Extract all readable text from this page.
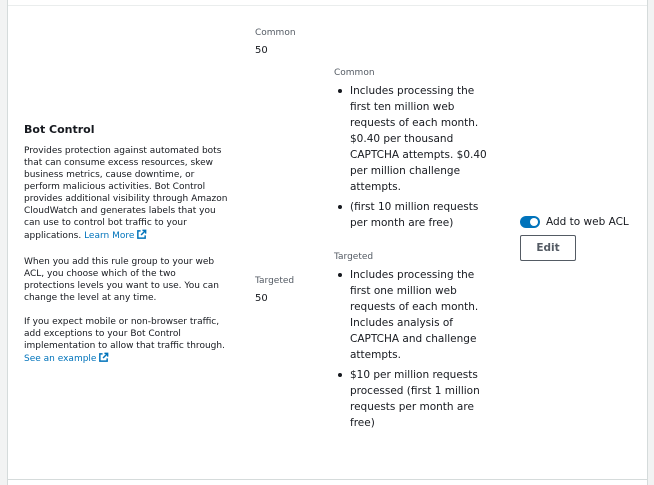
Bot Control

Provides protection against automated bots that can consume excess resources, skew business metrics, cause downtime, or perform malicious activities. Bot Control provides additional visibility through Amazon CloudWatch and generates labels that you can use to control bot traffic to your applications. Learn More

When you add this rule group to your web ACL, you choose which of the two protections levels you want to use. You can change the level at any time.

If you expect mobile or non-browser traffic, add exceptions to your Bot Control implementation to allow that traffic through.
See an example

Common
50
Targeted
50
Common
Includes processing the first ten million web requests of each month. $0.40 per thousand CAPTCHA attempts. $0.40 per million challenge attempts.
(first 10 million requests per month are free)
Targeted
Includes processing the first one million web requests of each month. Includes analysis of CAPTCHA and challenge attempts.
$10 per million requests processed (first 1 million requests per month are free)
Add to web ACL
Edit
